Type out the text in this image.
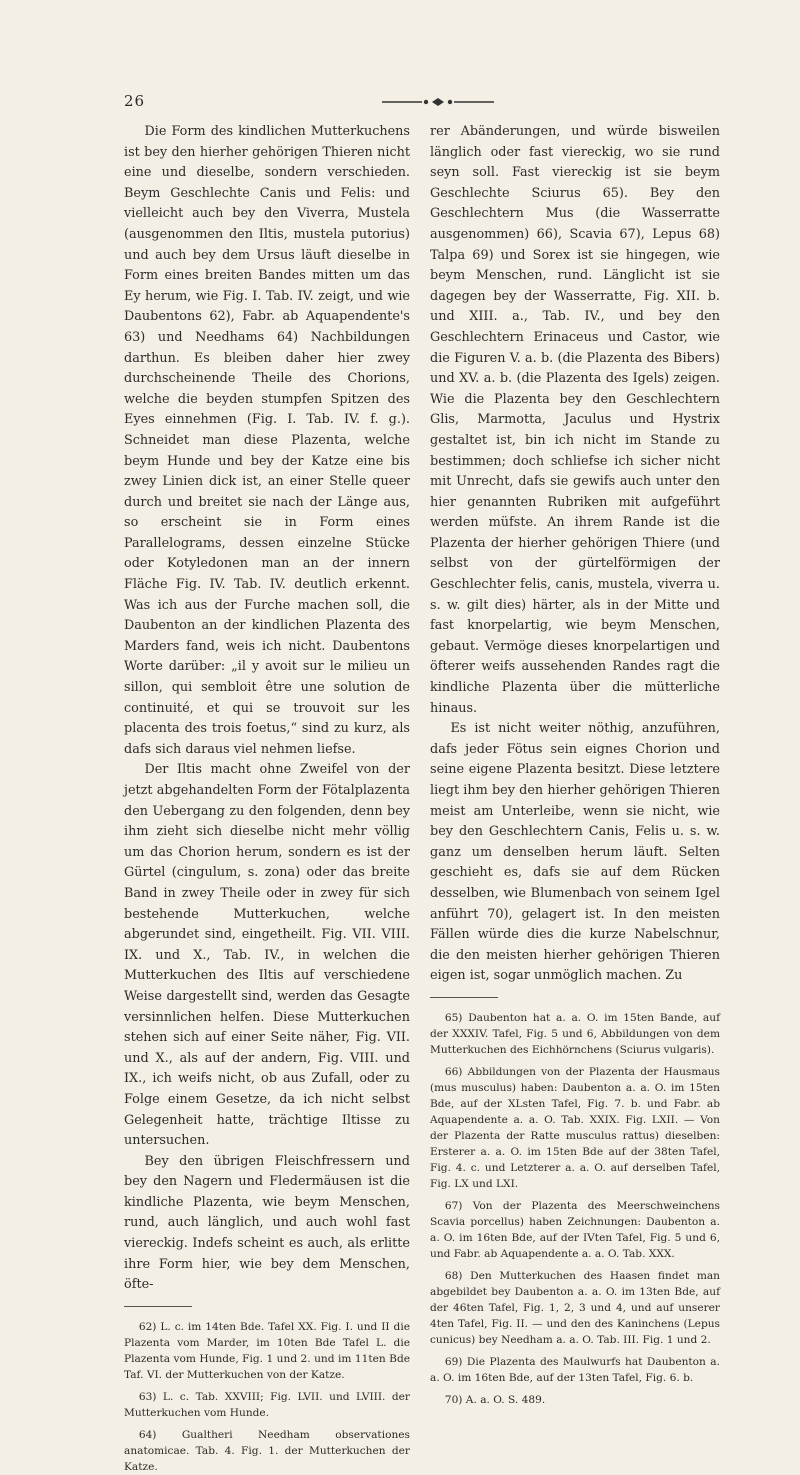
26

Die Form des kindlichen Mutterkuchens ist bey den hierher gehörigen Thieren nicht eine und dieselbe, sondern verschieden. Beym Geschlechte Canis und Felis: und vielleicht auch bey den Viverra, Mustela (ausgenommen den Iltis, mustela putorius) und auch bey dem Ursus läuft dieselbe in Form eines breiten Bandes mitten um das Ey herum, wie Fig. I. Tab. IV. zeigt, und wie Daubentons 62), Fabr. ab Aquapendente's 63) und Needhams 64) Nachbildungen darthun. Es bleiben daher hier zwey durchscheinende Theile des Chorions, welche die beyden stumpfen Spitzen des Eyes einnehmen (Fig. I. Tab. IV. f. g.). Schneidet man diese Plazenta, welche beym Hunde und bey der Katze eine bis zwey Linien dick ist, an einer Stelle queer durch und breitet sie nach der Länge aus, so erscheint sie in Form eines Parallelograms, dessen einzelne Stücke oder Kotyledonen man an der innern Fläche Fig. IV. Tab. IV. deutlich erkennt. Was ich aus der Furche machen soll, die Daubenton an der kindlichen Plazenta des Marders fand, weis ich nicht. Daubentons Worte darüber: „il y avoit sur le milieu un sillon, qui sembloit être une solution de continuité, et qui se trouvoit sur les placenta des trois foetus,“ sind zu kurz, als dafs sich daraus viel nehmen liefse.

Der Iltis macht ohne Zweifel von der jetzt abgehandelten Form der Fötalplazenta den Uebergang zu den folgenden, denn bey ihm zieht sich dieselbe nicht mehr völlig um das Chorion herum, sondern es ist der Gürtel (cingulum, s. zona) oder das breite Band in zwey Theile oder in zwey für sich bestehende Mutterkuchen, welche abgerundet sind, eingetheilt. Fig. VII. VIII. IX. und X., Tab. IV., in welchen die Mutterkuchen des Iltis auf verschiedene Weise dargestellt sind, werden das Gesagte versinnlichen helfen. Diese Mutterkuchen stehen sich auf einer Seite näher, Fig. VII. und X., als auf der andern, Fig. VIII. und IX., ich weifs nicht, ob aus Zufall, oder zu Folge einem Gesetze, da ich nicht selbst Gelegenheit hatte, trächtige Iltisse zu untersuchen.

Bey den übrigen Fleischfressern und bey den Nagern und Fledermäusen ist die kindliche Plazenta, wie beym Menschen, rund, auch länglich, und auch wohl fast viereckig. Indefs scheint es auch, als erlitte ihre Form hier, wie bey dem Menschen, öfte-

62) L. c. im 14ten Bde. Tafel XX. Fig. I. und II die Plazenta vom Marder, im 10ten Bde Tafel L. die Plazenta vom Hunde, Fig. 1 und 2. und im 11ten Bde Taf. VI. der Mutterkuchen von der Katze.

63) L. c. Tab. XXVIII; Fig. LVII. und LVIII. der Mutterkuchen vom Hunde.

64) Gualtheri Needham observationes anatomicae. Tab. 4. Fig. 1. der Mutterkuchen der Katze.

rer Abänderungen, und würde bisweilen länglich oder fast viereckig, wo sie rund seyn soll. Fast viereckig ist sie beym Geschlechte Sciurus 65). Bey den Geschlechtern Mus (die Wasserratte ausgenommen) 66), Scavia 67), Lepus 68) Talpa 69) und Sorex ist sie hingegen, wie beym Menschen, rund. Länglicht ist sie dagegen bey der Wasserratte, Fig. XII. b. und XIII. a., Tab. IV., und bey den Geschlechtern Erinaceus und Castor, wie die Figuren V. a. b. (die Plazenta des Bibers) und XV. a. b. (die Plazenta des Igels) zeigen. Wie die Plazenta bey den Geschlechtern Glis, Marmotta, Jaculus und Hystrix gestaltet ist, bin ich nicht im Stande zu bestimmen; doch schliefse ich sicher nicht mit Unrecht, dafs sie gewifs auch unter den hier genannten Rubriken mit aufgeführt werden müfste. An ihrem Rande ist die Plazenta der hierher gehörigen Thiere (und selbst von der gürtelförmigen der Geschlechter felis, canis, mustela, viverra u. s. w. gilt dies) härter, als in der Mitte und fast knorpelartig, wie beym Menschen, gebaut. Vermöge dieses knorpelartigen und öfterer weifs aussehenden Randes ragt die kindliche Plazenta über die mütterliche hinaus.

Es ist nicht weiter nöthig, anzuführen, dafs jeder Fötus sein eignes Chorion und seine eigene Plazenta besitzt. Diese letztere liegt ihm bey den hierher gehörigen Thieren meist am Unterleibe, wenn sie nicht, wie bey den Geschlechtern Canis, Felis u. s. w. ganz um denselben herum läuft. Selten geschieht es, dafs sie auf dem Rücken desselben, wie Blumenbach von seinem Igel anführt 70), gelagert ist. In den meisten Fällen würde dies die kurze Nabelschnur, die den meisten hierher gehörigen Thieren eigen ist, sogar unmöglich machen. Zu

65) Daubenton hat a. a. O. im 15ten Bande, auf der XXXIV. Tafel, Fig. 5 und 6, Abbildungen von dem Mutterkuchen des Eichhörnchens (Sciurus vulgaris).

66) Abbildungen von der Plazenta der Hausmaus (mus musculus) haben: Daubenton a. a. O. im 15ten Bde, auf der XLsten Tafel, Fig. 7. b. und Fabr. ab Aquapendente a. a. O. Tab. XXIX. Fig. LXII. — Von der Plazenta der Ratte musculus rattus) dieselben: Ersterer a. a. O. im 15ten Bde auf der 38ten Tafel, Fig. 4. c. und Letzterer a. a. O. auf derselben Tafel, Fig. LX und LXI.

67) Von der Plazenta des Meerschweinchens Scavia porcellus) haben Zeichnungen: Daubenton a. a. O. im 16ten Bde, auf der IVten Tafel, Fig. 5 und 6, und Fabr. ab Aquapendente a. a. O. Tab. XXX.

68) Den Mutterkuchen des Haasen findet man abgebildet bey Daubenton a. a. O. im 13ten Bde, auf der 46ten Tafel, Fig. 1, 2, 3 und 4, und auf unserer 4ten Tafel, Fig. II. — und den des Kaninchens (Lepus cunicus) bey Needham a. a. O. Tab. III. Fig. 1 und 2.

69) Die Plazenta des Maulwurfs hat Daubenton a. a. O. im 16ten Bde, auf der 13ten Tafel, Fig. 6. b.

70) A. a. O. S. 489.
